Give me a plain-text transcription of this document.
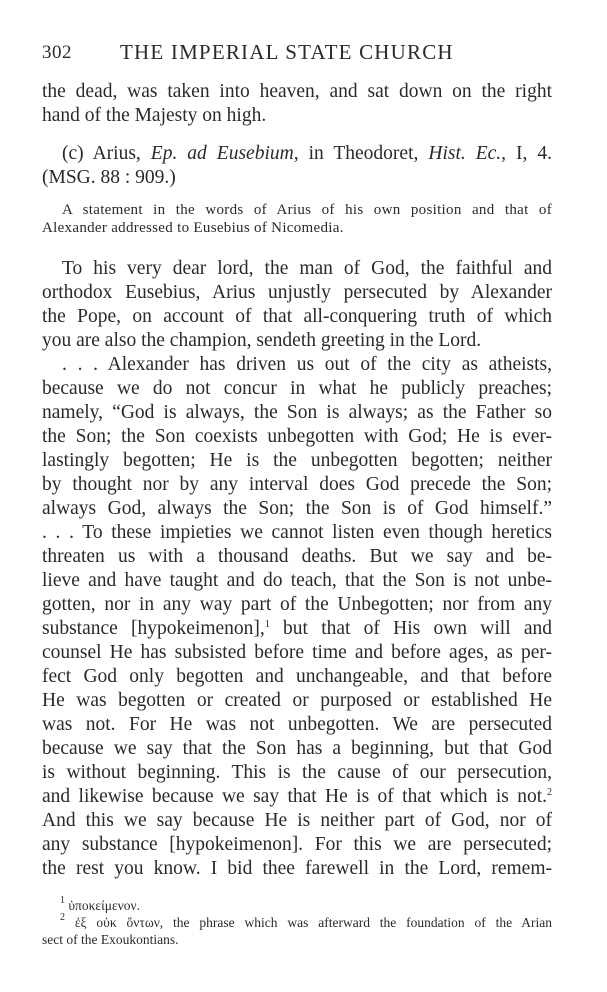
302 THE IMPERIAL STATE CHURCH
the dead, was taken into heaven, and sat down on the right
hand of the Majesty on high.
(c) Arius, Ep. ad Eusebium, in Theodoret, Hist. Ec., I, 4.
(MSG. 88 : 909.)
A statement in the words of Arius of his own position and that of
Alexander addressed to Eusebius of Nicomedia.
To his very dear lord, the man of God, the faithful and
orthodox Eusebius, Arius unjustly persecuted by Alexander
the Pope, on account of that all-conquering truth of which
you are also the champion, sendeth greeting in the Lord.
. . . Alexander has driven us out of the city as atheists,
because we do not concur in what he publicly preaches;
namely, “God is always, the Son is always; as the Father so
the Son; the Son coexists unbegotten with God; He is ever-
lastingly begotten; He is the unbegotten begotten; neither
by thought nor by any interval does God precede the Son;
always God, always the Son; the Son is of God himself.”
. . . To these impieties we cannot listen even though heretics
threaten us with a thousand deaths. But we say and be-
lieve and have taught and do teach, that the Son is not unbe-
gotten, nor in any way part of the Unbegotten; nor from any
substance [hypokeimenon],$^1$ but that of His own will and
counsel He has subsisted before time and before ages, as per-
fect God only begotten and unchangeable, and that before
He was begotten or created or purposed or established He
was not. For He was not unbegotten. We are persecuted
because we say that the Son has a beginning, but that God
is without beginning. This is the cause of our persecution,
and likewise because we say that He is of that which is not.$^2$
And this we say because He is neither part of God, nor of
any substance [hypokeimenon]. For this we are persecuted;
the rest you know. I bid thee farewell in the Lord, remem-
$^1$ ὑποκείμενον.
$^2$ ἐξ οὐκ ὄντων, the phrase which was afterward the foundation of the Arian
sect of the Exoukontians.
